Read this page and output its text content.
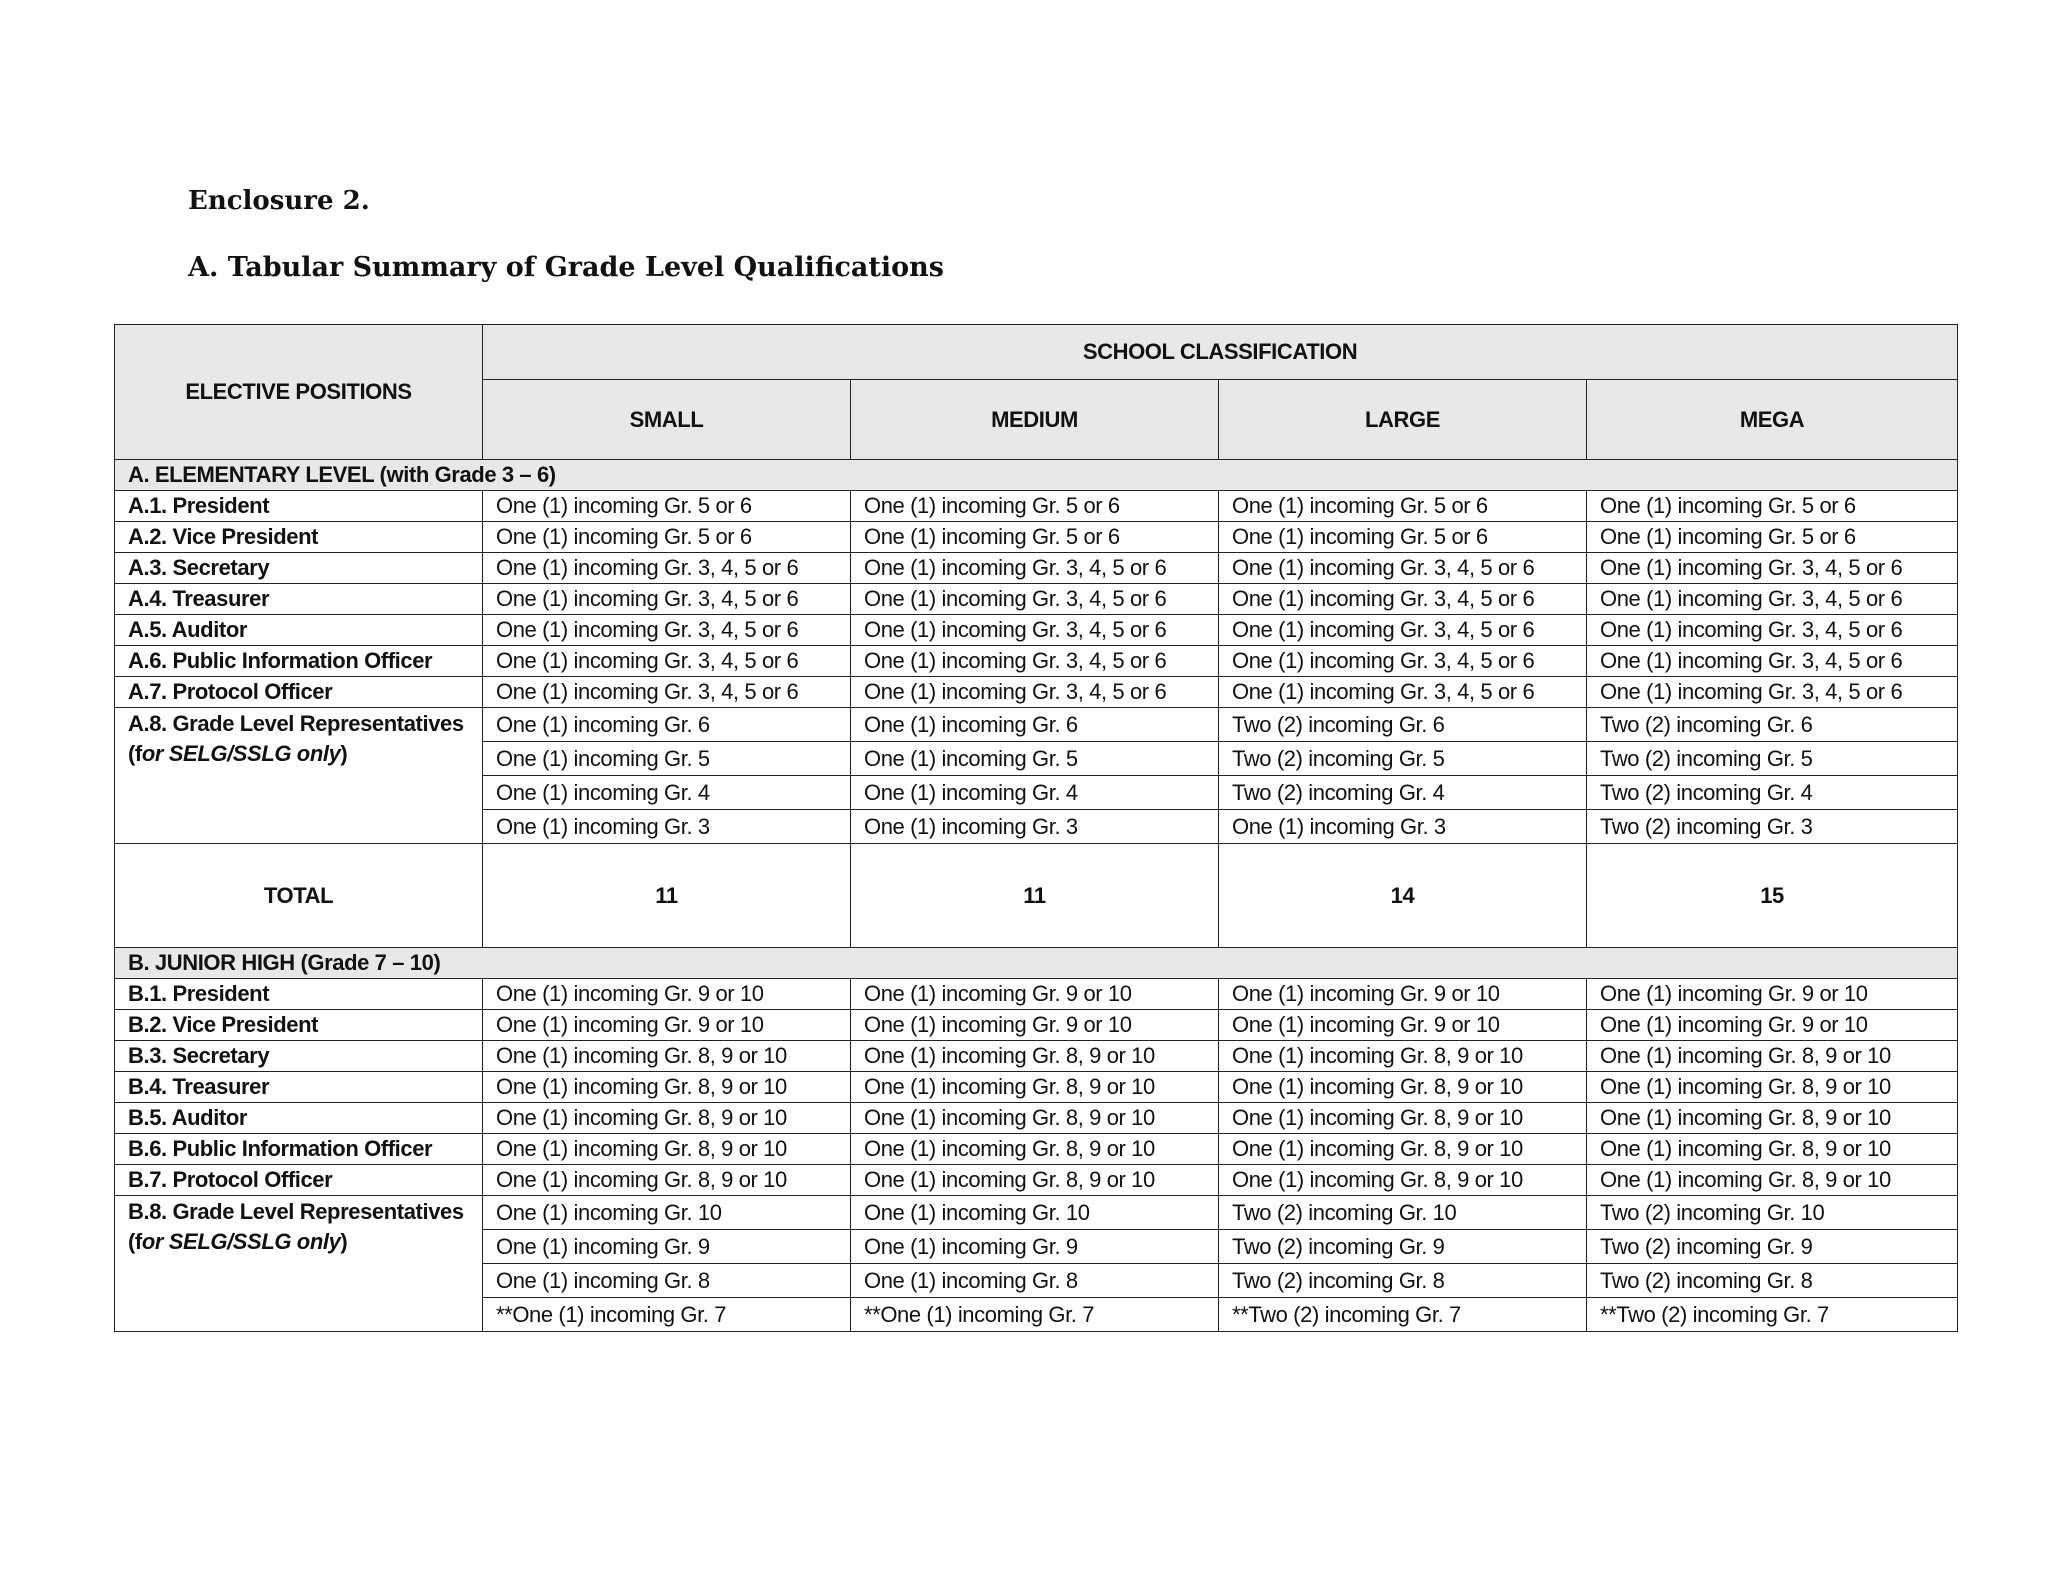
Enclosure 2.
A. Tabular Summary of Grade Level Qualifications
ELECTIVE POSITIONS	SCHOOL CLASSIFICATION			
	SMALL	MEDIUM	LARGE	MEGA
A. ELEMENTARY LEVEL (with Grade 3 – 6)				
A.1. President	One (1) incoming Gr. 5 or 6	One (1) incoming Gr. 5 or 6	One (1) incoming Gr. 5 or 6	One (1) incoming Gr. 5 or 6
A.2. Vice President	One (1) incoming Gr. 5 or 6	One (1) incoming Gr. 5 or 6	One (1) incoming Gr. 5 or 6	One (1) incoming Gr. 5 or 6
A.3. Secretary	One (1) incoming Gr. 3, 4, 5 or 6	One (1) incoming Gr. 3, 4, 5 or 6	One (1) incoming Gr. 3, 4, 5 or 6	One (1) incoming Gr. 3, 4, 5 or 6
A.4. Treasurer	One (1) incoming Gr. 3, 4, 5 or 6	One (1) incoming Gr. 3, 4, 5 or 6	One (1) incoming Gr. 3, 4, 5 or 6	One (1) incoming Gr. 3, 4, 5 or 6
A.5. Auditor	One (1) incoming Gr. 3, 4, 5 or 6	One (1) incoming Gr. 3, 4, 5 or 6	One (1) incoming Gr. 3, 4, 5 or 6	One (1) incoming Gr. 3, 4, 5 or 6
A.6. Public Information Officer	One (1) incoming Gr. 3, 4, 5 or 6	One (1) incoming Gr. 3, 4, 5 or 6	One (1) incoming Gr. 3, 4, 5 or 6	One (1) incoming Gr. 3, 4, 5 or 6
A.7. Protocol Officer	One (1) incoming Gr. 3, 4, 5 or 6	One (1) incoming Gr. 3, 4, 5 or 6	One (1) incoming Gr. 3, 4, 5 or 6	One (1) incoming Gr. 3, 4, 5 or 6

A.8. Grade Level Representatives
(for SELG/SSLG only)	One (1) incoming Gr. 6	One (1) incoming Gr. 6	Two (2) incoming Gr. 6	Two (2) incoming Gr. 6
	One (1) incoming Gr. 5	One (1) incoming Gr. 5	Two (2) incoming Gr. 5	Two (2) incoming Gr. 5
	One (1) incoming Gr. 4	One (1) incoming Gr. 4	Two (2) incoming Gr. 4	Two (2) incoming Gr. 4
	One (1) incoming Gr. 3	One (1) incoming Gr. 3	One (1) incoming Gr. 3	Two (2) incoming Gr. 3
TOTAL	11	11	14	15
B. JUNIOR HIGH (Grade 7 – 10)				
B.1. President	One (1) incoming Gr. 9 or 10	One (1) incoming Gr. 9 or 10	One (1) incoming Gr. 9 or 10	One (1) incoming Gr. 9 or 10
B.2. Vice President	One (1) incoming Gr. 9 or 10	One (1) incoming Gr. 9 or 10	One (1) incoming Gr. 9 or 10	One (1) incoming Gr. 9 or 10
B.3. Secretary	One (1) incoming Gr. 8, 9 or 10	One (1) incoming Gr. 8, 9 or 10	One (1) incoming Gr. 8, 9 or 10	One (1) incoming Gr. 8, 9 or 10
B.4. Treasurer	One (1) incoming Gr. 8, 9 or 10	One (1) incoming Gr. 8, 9 or 10	One (1) incoming Gr. 8, 9 or 10	One (1) incoming Gr. 8, 9 or 10
B.5. Auditor	One (1) incoming Gr. 8, 9 or 10	One (1) incoming Gr. 8, 9 or 10	One (1) incoming Gr. 8, 9 or 10	One (1) incoming Gr. 8, 9 or 10
B.6. Public Information Officer	One (1) incoming Gr. 8, 9 or 10	One (1) incoming Gr. 8, 9 or 10	One (1) incoming Gr. 8, 9 or 10	One (1) incoming Gr. 8, 9 or 10
B.7. Protocol Officer	One (1) incoming Gr. 8, 9 or 10	One (1) incoming Gr. 8, 9 or 10	One (1) incoming Gr. 8, 9 or 10	One (1) incoming Gr. 8, 9 or 10

B.8. Grade Level Representatives
(for SELG/SSLG only)	One (1) incoming Gr. 10	One (1) incoming Gr. 10	Two (2) incoming Gr. 10	Two (2) incoming Gr. 10
	One (1) incoming Gr. 9	One (1) incoming Gr. 9	Two (2) incoming Gr. 9	Two (2) incoming Gr. 9
	One (1) incoming Gr. 8	One (1) incoming Gr. 8	Two (2) incoming Gr. 8	Two (2) incoming Gr. 8
	**One (1) incoming Gr. 7	**One (1) incoming Gr. 7	**Two (2) incoming Gr. 7	**Two (2) incoming Gr. 7
